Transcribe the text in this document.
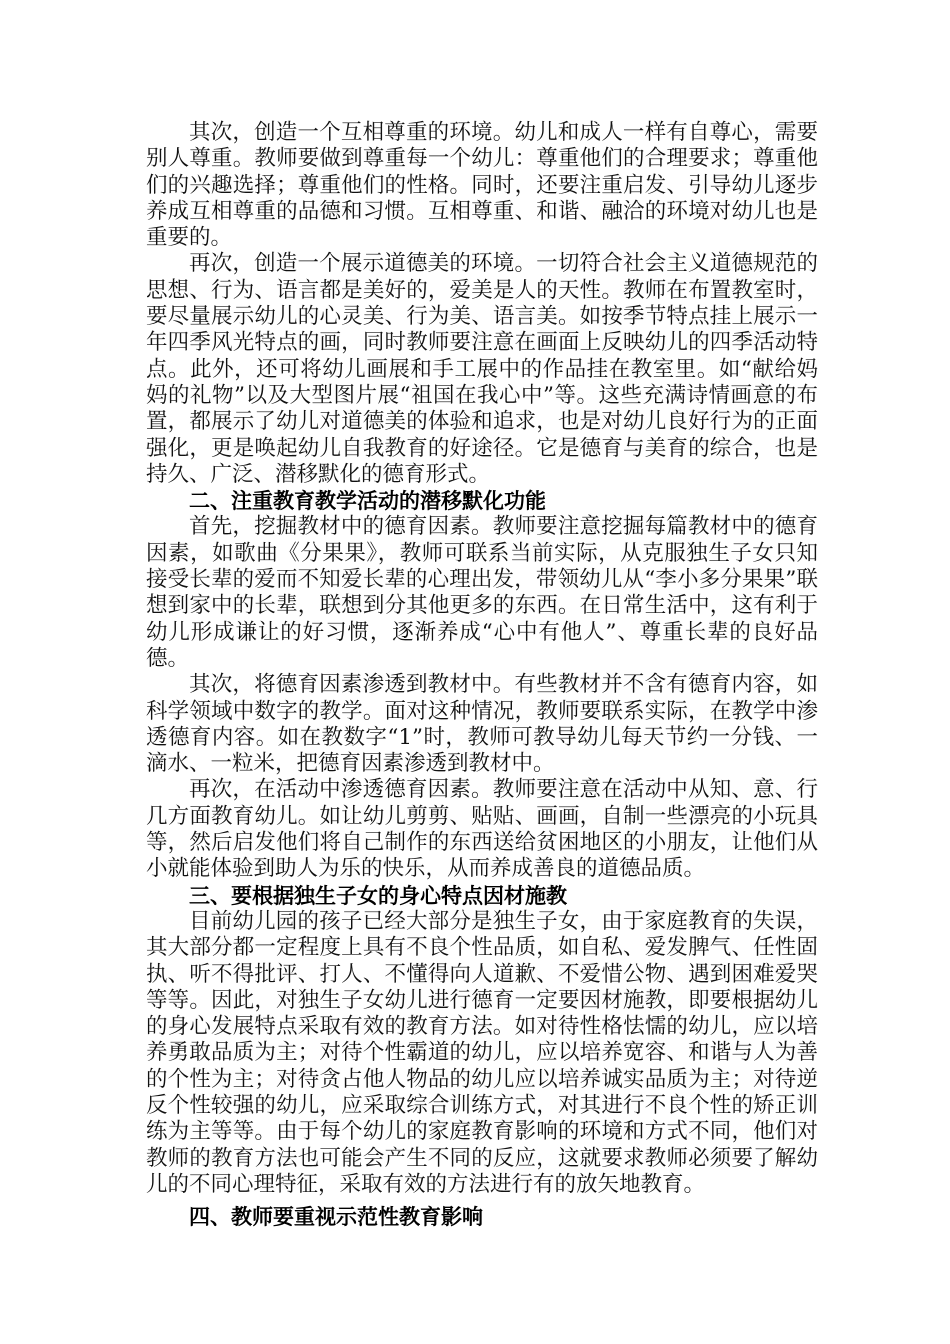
其次，创造一个互相尊重的环境。幼儿和成人一样有自尊心，需要别人尊重。教师要做到尊重每一个幼儿：尊重他们的合理要求；尊重他们的兴趣选择；尊重他们的性格。同时，还要注重启发、引导幼儿逐步养成互相尊重的品德和习惯。互相尊重、和谐、融洽的环境对幼儿也是重要的。

再次，创造一个展示道德美的环境。一切符合社会主义道德规范的思想、行为、语言都是美好的，爱美是人的天性。教师在布置教室时，要尽量展示幼儿的心灵美、行为美、语言美。如按季节特点挂上展示一年四季风光特点的画，同时教师要注意在画面上反映幼儿的四季活动特点。此外，还可将幼儿画展和手工展中的作品挂在教室里。如“献给妈妈的礼物”以及大型图片展“祖国在我心中”等。这些充满诗情画意的布置，都展示了幼儿对道德美的体验和追求，也是对幼儿良好行为的正面强化，更是唤起幼儿自我教育的好途径。它是德育与美育的综合，也是持久、广泛、潜移默化的德育形式。

二、注重教育教学活动的潜移默化功能

首先，挖掘教材中的德育因素。教师要注意挖掘每篇教材中的德育因素，如歌曲《分果果》，教师可联系当前实际，从克服独生子女只知接受长辈的爱而不知爱长辈的心理出发，带领幼儿从“李小多分果果”联想到家中的长辈，联想到分其他更多的东西。在日常生活中，这有利于幼儿形成谦让的好习惯，逐渐养成“心中有他人”、尊重长辈的良好品德。

其次，将德育因素渗透到教材中。有些教材并不含有德育内容，如科学领域中数字的教学。面对这种情况，教师要联系实际，在教学中渗透德育内容。如在教数字“1”时，教师可教导幼儿每天节约一分钱、一滴水、一粒米，把德育因素渗透到教材中。

再次，在活动中渗透德育因素。教师要注意在活动中从知、意、行几方面教育幼儿。如让幼儿剪剪、贴贴、画画，自制一些漂亮的小玩具等，然后启发他们将自己制作的东西送给贫困地区的小朋友，让他们从小就能体验到助人为乐的快乐，从而养成善良的道德品质。

三、要根据独生子女的身心特点因材施教

目前幼儿园的孩子已经大部分是独生子女，由于家庭教育的失误，其大部分都一定程度上具有不良个性品质，如自私、爱发脾气、任性固执、听不得批评、打人、不懂得向人道歉、不爱惜公物、遇到困难爱哭等等。因此，对独生子女幼儿进行德育一定要因材施教，即要根据幼儿的身心发展特点采取有效的教育方法。如对待性格怯懦的幼儿，应以培养勇敢品质为主；对待个性霸道的幼儿，应以培养宽容、和谐与人为善的个性为主；对待贪占他人物品的幼儿应以培养诚实品质为主；对待逆反个性较强的幼儿，应采取综合训练方式，对其进行不良个性的矫正训练为主等等。由于每个幼儿的家庭教育影响的环境和方式不同，他们对教师的教育方法也可能会产生不同的反应，这就要求教师必须要了解幼儿的不同心理特征，采取有效的方法进行有的放矢地教育。

四、教师要重视示范性教育影响
